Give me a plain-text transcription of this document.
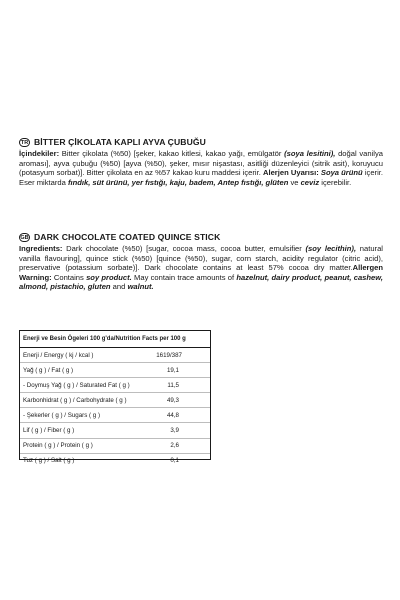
TR BİTTER ÇİKOLATA KAPLI AYVA ÇUBUĞU

İçindekiler: Bitter çikolata (%50) [şeker, kakao kitlesi, kakao yağı, emülgatör (soya lesitini), doğal vanilya aroması], ayva çubuğu (%50) [ayva (%50), şeker, mısır nişastası, asitliği düzenleyici (sitrik asit), koruyucu (potasyum sorbat)]. Bitter çikolata en az %57 kakao kuru maddesi içerir. Alerjen Uyarısı: Soya ürünü içerir. Eser miktarda fındık, süt ürünü, yer fıstığı, kaju, badem, Antep fıstığı, glüten ve ceviz içerebilir.

GB DARK CHOCOLATE COATED QUINCE STICK

Ingredients: Dark chocolate (%50) [sugar, cocoa mass, cocoa butter, emulsifier (soy lecithin), natural vanilla flavouring], quince stick (%50) [quince (%50), sugar, corn starch, acidity regulator (citric acid), preservative (potassium sorbate)]. Dark chocolate contains at least 57% cocoa dry matter.Allergen Warning: Contains soy product. May contain trace amounts of hazelnut, dairy product, peanut, cashew, almond, pistachio, gluten and walnut.

Enerji ve Besin Ögeleri 100 g'da/Nutrition Facts per 100 g
Enerji / Energy ( kj / kcal )	1619/387
Yağ ( g ) / Fat ( g )	19,1
- Doymuş Yağ ( g ) / Saturated Fat ( g )	11,5
Karbonhidrat ( g ) / Carbohydrate ( g )	49,3
- Şekerler ( g ) / Sugars ( g )	44,8
Lif ( g ) / Fiber ( g )	3,9
Protein ( g ) / Protein ( g )	2,6
Tuz ( g ) / Salt ( g )	0,1
